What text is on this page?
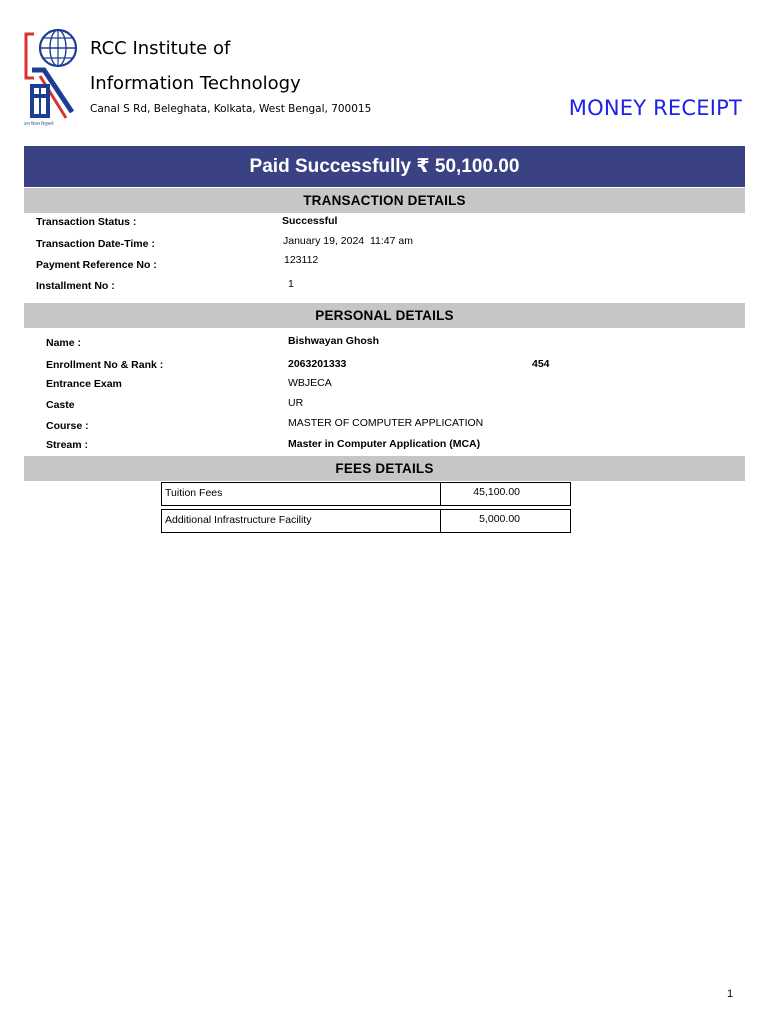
ज्ञान विज्ञान विमुक्तये
RCC Institute of
Information Technology
Canal S Rd, Beleghata, Kolkata, West Bengal, 700015	MONEY RECEIPT
Paid Successfully ₹ 50,100.00
TRANSACTION DETAILS
Transaction Status :	Successful
Transaction Date-Time :	January 19, 2024  11:47 am
Payment Reference No :	123112
Installment No :	1
PERSONAL DETAILS
Name :	Bishwayan Ghosh
Enrollment No & Rank :	2063201333	454
Entrance Exam	WBJECA
Caste	UR
Course :	MASTER OF COMPUTER APPLICATION
Stream :	Master in Computer Application (MCA)
FEES DETAILS
Tuition Fees	45,100.00
Additional Infrastructure Facility	5,000.00
1
